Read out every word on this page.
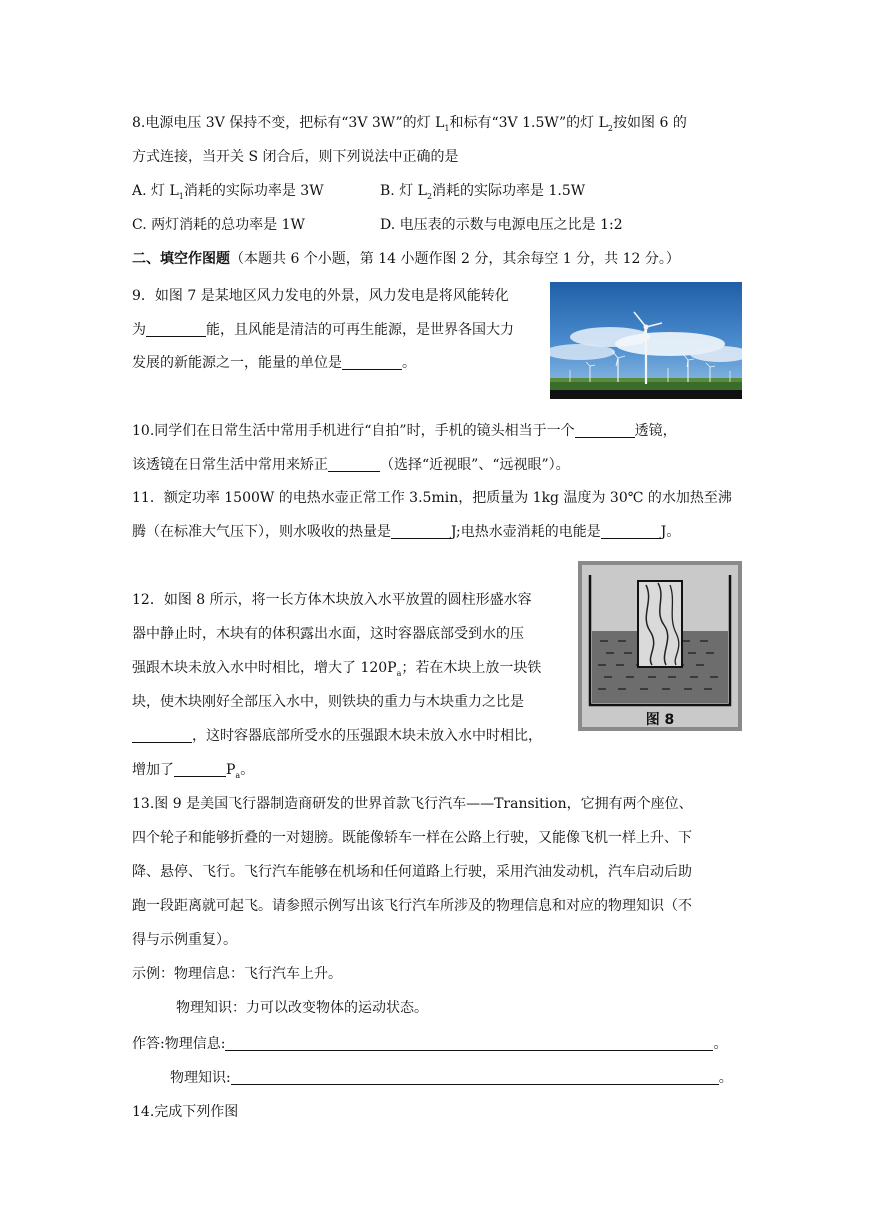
8.电源电压 3V 保持不变，把标有“3V 3W”的灯 $L_1$和标有“3V 1.5W”的灯 $L_2$按如图 6 的
方式连接，当开关 S 闭合后，则下列说法中正确的是
A. 灯 $L_1$消耗的实际功率是 3W	B. 灯 $L_2$消耗的实际功率是 1.5W
C. 两灯消耗的总功率是 1W	D. 电压表的示数与电源电压之比是 1:2
二、填空作图题（本题共 6 个小题，第 14 小题作图 2 分，其余每空 1 分，共 12 分。）
9．如图 7 是某地区风力发电的外景，风力发电是将风能转化
为	能，且风能是清洁的可再生能源，是世界各国大力
发展的新能源之一，能量的单位是	。
10.同学们在日常生活中常用手机进行“自拍”时，手机的镜头相当于一个	透镜，
该透镜在日常生活中常用来矫正	（选择“近视眼”、“远视眼”）。
11．额定功率 1500W 的电热水壶正常工作 3.5min，把质量为 1kg 温度为 30℃ 的水加热至沸
腾（在标准大气压下），则水吸收的热量是	J;电热水壶消耗的电能是	J。
12．如图 8 所示，将一长方体木块放入水平放置的圆柱形盛水容
器中静止时，木块有的体积露出水面，这时容器底部受到水的压
强跟木块未放入水中时相比，增大了 $120P_a$；若在木块上放一块铁
块，使木块刚好全部压入水中，则铁块的重力与木块重力之比是
，这时容器底部所受水的压强跟木块未放入水中时相比，
增加了	$P_a$。
图 8
13.图 9 是美国飞行器制造商研发的世界首款飞行汽车——Transition，它拥有两个座位、
四个轮子和能够折叠的一对翅膀。既能像轿车一样在公路上行驶，又能像飞机一样上升、下
降、悬停、飞行。飞行汽车能够在机场和任何道路上行驶，采用汽油发动机，汽车启动后助
跑一段距离就可起飞。请参照示例写出该飞行汽车所涉及的物理信息和对应的物理知识（不
得与示例重复）。
示例：物理信息：飞行汽车上升。
物理知识：力可以改变物体的运动状态。
作答:物理信息:	。
物理知识:	。
14.完成下列作图
